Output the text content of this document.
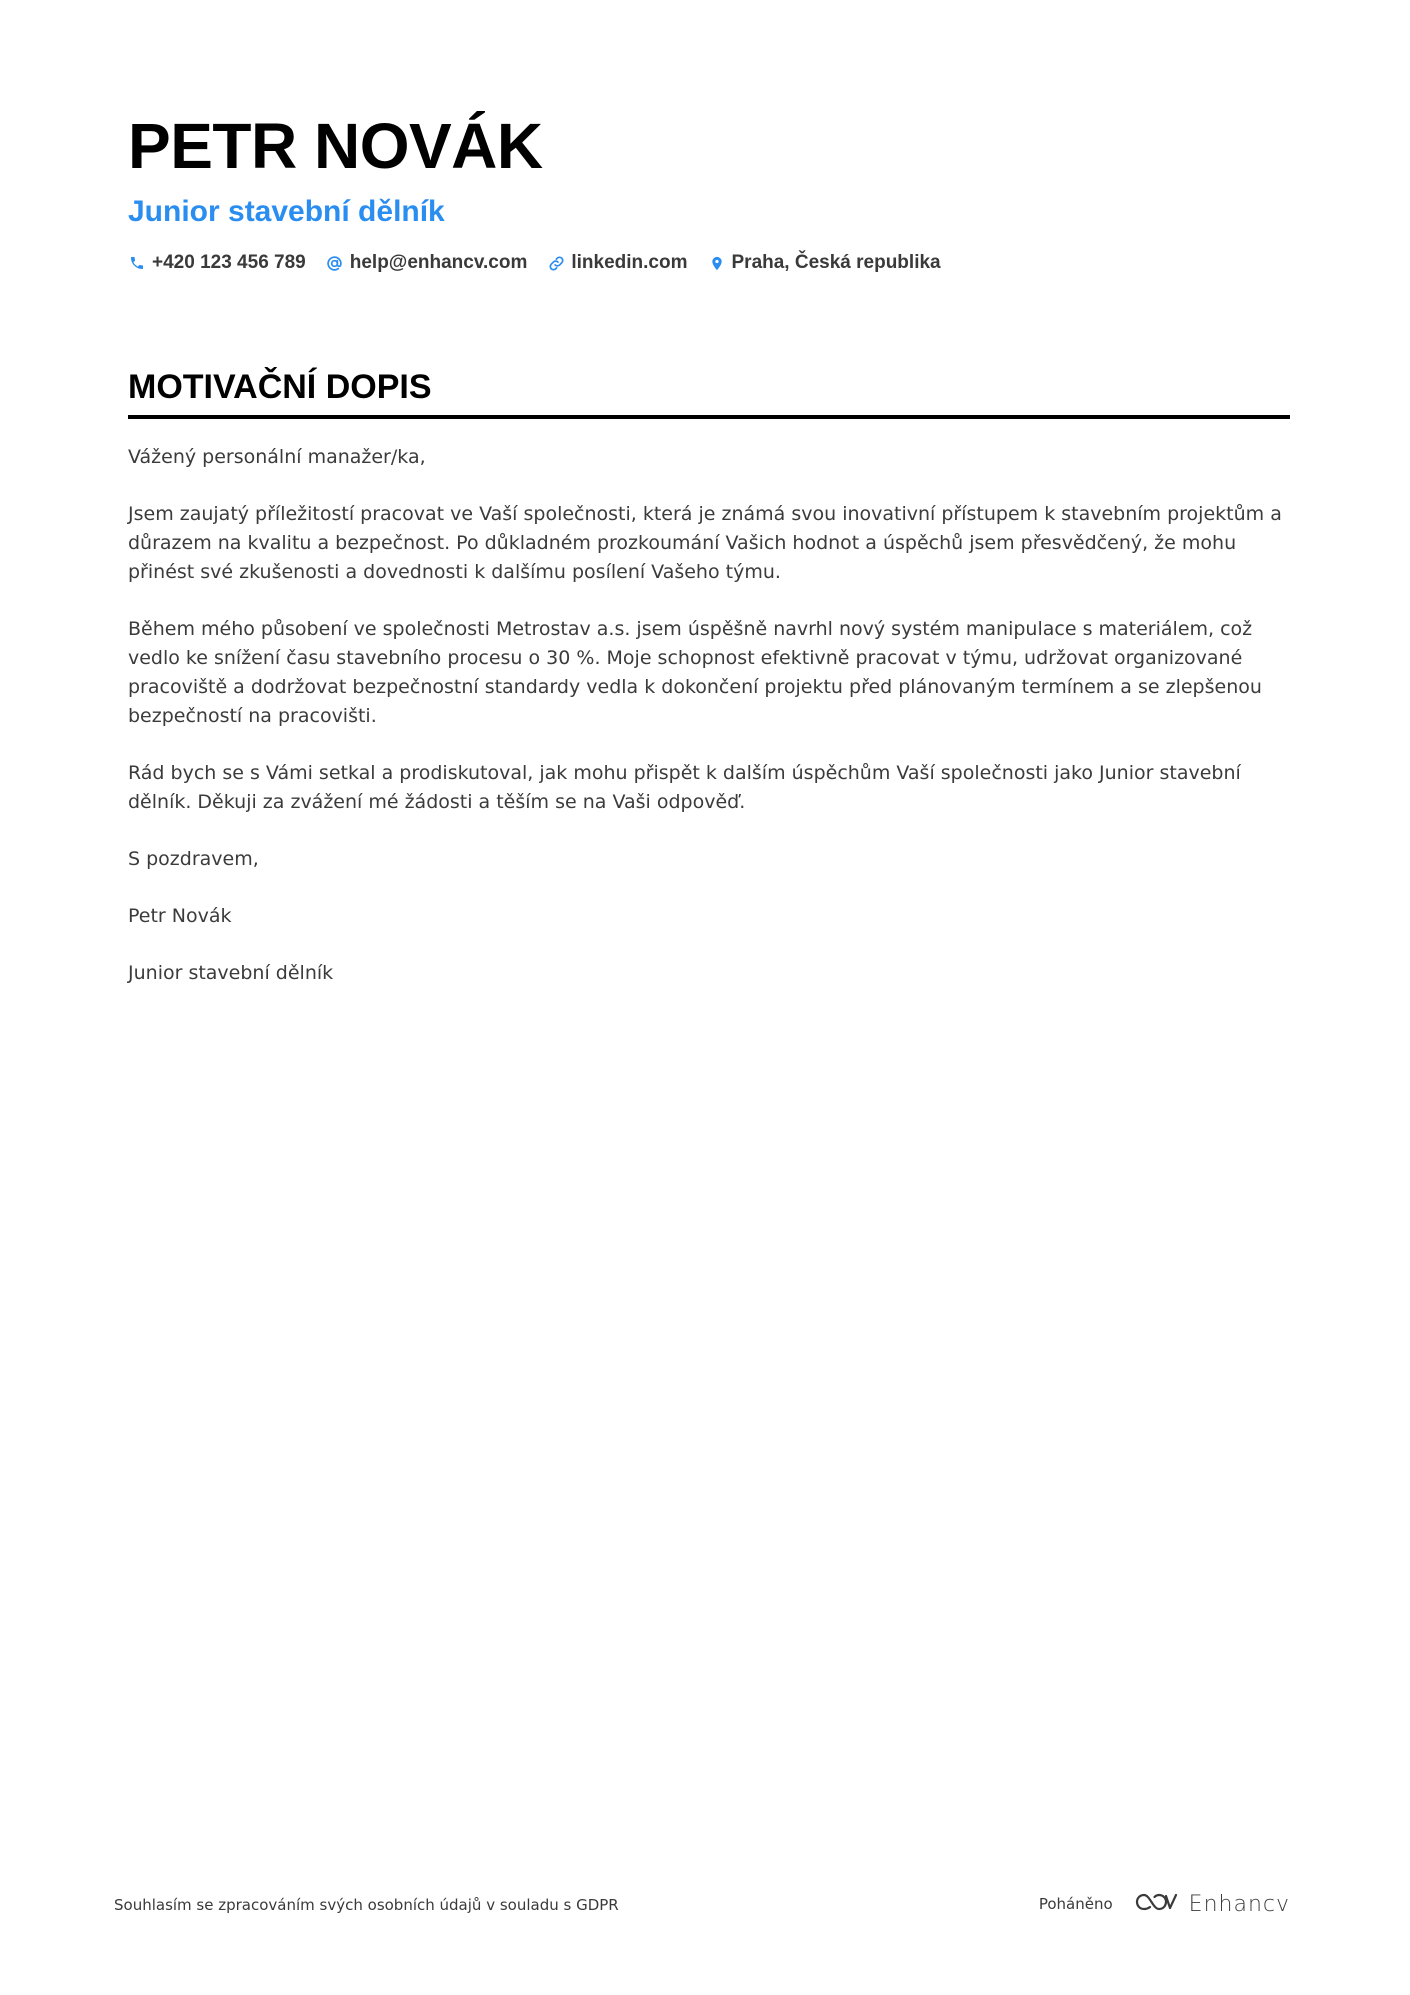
PETR NOVÁK
Junior stavební dělník
+420 123 456 789 help@enhancv.com linkedin.com Praha, Česká republika
MOTIVAČNÍ DOPIS

Vážený personální manažer/ka,

Jsem zaujatý příležitostí pracovat ve Vaší společnosti, která je známá svou inovativní přístupem k stavebním projektům a důrazem na kvalitu a bezpečnost. Po důkladném prozkoumání Vašich hodnot a úspěchů jsem přesvědčený, že mohu přinést své zkušenosti a dovednosti k dalšímu posílení Vašeho týmu.

Během mého působení ve společnosti Metrostav a.s. jsem úspěšně navrhl nový systém manipulace s materiálem, což vedlo ke snížení času stavebního procesu o 30 %. Moje schopnost efektivně pracovat v týmu, udržovat organizované pracoviště a dodržovat bezpečnostní standardy vedla k dokončení projektu před plánovaným termínem a se zlepšenou bezpečností na pracovišti.

Rád bych se s Vámi setkal a prodiskutoval, jak mohu přispět k dalším úspěchům Vaší společnosti jako Junior stavební dělník. Děkuji za zvážení mé žádosti a těším se na Vaši odpověď.

S pozdravem,

Petr Novák

Junior stavební dělník

Souhlasím se zpracováním svých osobních údajů v souladu s GDPR	Poháněno	Enhancv
